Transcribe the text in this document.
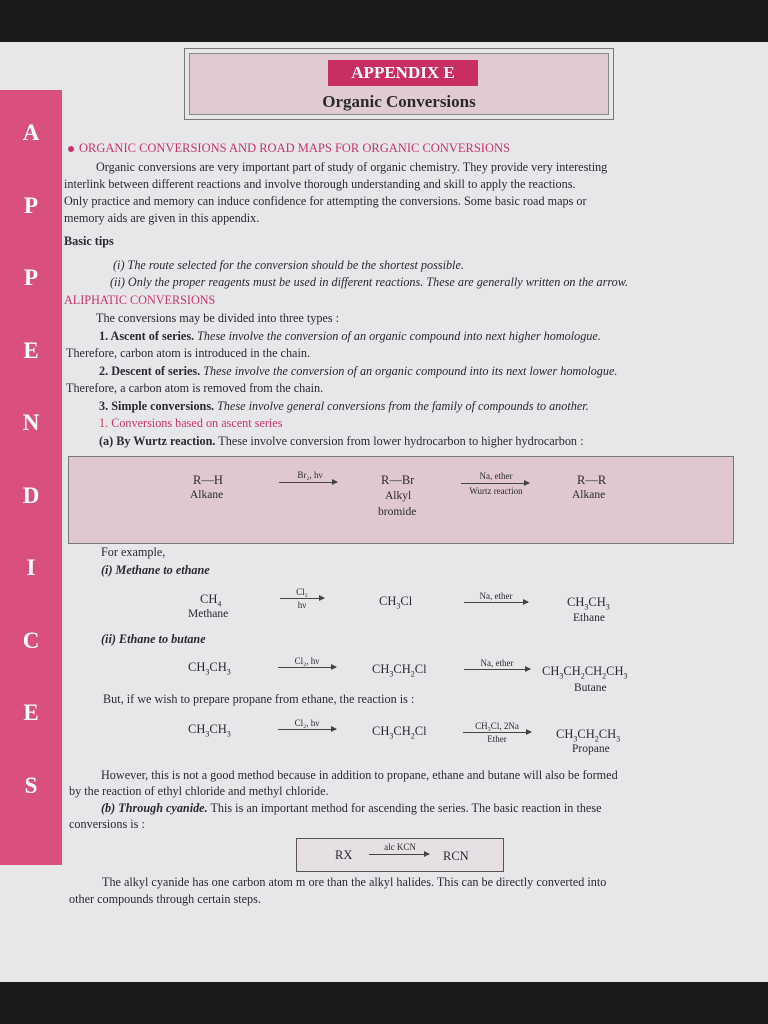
A
P
P
E
N
D
I
C
E
S
APPENDIX E
Organic Conversions
ORGANIC CONVERSIONS AND ROAD MAPS FOR ORGANIC CONVERSIONS
Organic conversions are very important part of study of organic chemistry. They provide very interesting
interlink between different reactions and involve thorough understanding and skill to apply the reactions.
Only practice and memory can induce confidence for attempting the conversions. Some basic road maps or
memory aids are given in this appendix.
Basic tips
(i) The route selected for the conversion should be the shortest possible.
(ii) Only the proper reagents must be used in different reactions. These are generally written on the arrow.
ALIPHATIC CONVERSIONS
The conversions may be divided into three types :
1. Ascent of series. These involve the conversion of an organic compound into next higher homologue.
Therefore, carbon atom is introduced in the chain.
2. Descent of series. These involve the conversion of an organic compound into its next lower homologue.
Therefore, a carbon atom is removed from the chain.
3. Simple conversions. These involve general conversions from the family of compounds to another.
1. Conversions based on ascent series
(a) By Wurtz reaction. These involve conversion from lower hydrocarbon to higher hydrocarbon :
R—H
Alkane
Br₂, hν	R—Br
Alkyl
bromide
Na, ether
Wurtz reaction
R—R
Alkane
For example,
(i) Methane to ethane
$CH_4$
Methane
Cl₂
hν	$CH_3Cl$	Na, ether	$CH_3CH_3$
Ethane
(ii) Ethane to butane
$CH_3CH_3$
Cl₂, hν
$CH_3CH_2Cl$	Na, ether
$CH_3CH_2CH_2CH_3$
Butane
But, if we wish to prepare propane from ethane, the reaction is :
$CH_3CH_3$
Cl₂, hν
$CH_3CH_2Cl$	CH₃Cl, 2Na
Ether	$CH_3CH_2CH_3$
Propane
However, this is not a good method because in addition to propane, ethane and butane will also be formed
by the reaction of ethyl chloride and methyl chloride.
(b) Through cyanide. This is an important method for ascending the series. The basic reaction in these
conversions is :
RX
alc KCN
→ RCN
The alkyl cyanide has one carbon atom m ore than the alkyl halides. This can be directly converted into
other compounds through certain steps.
